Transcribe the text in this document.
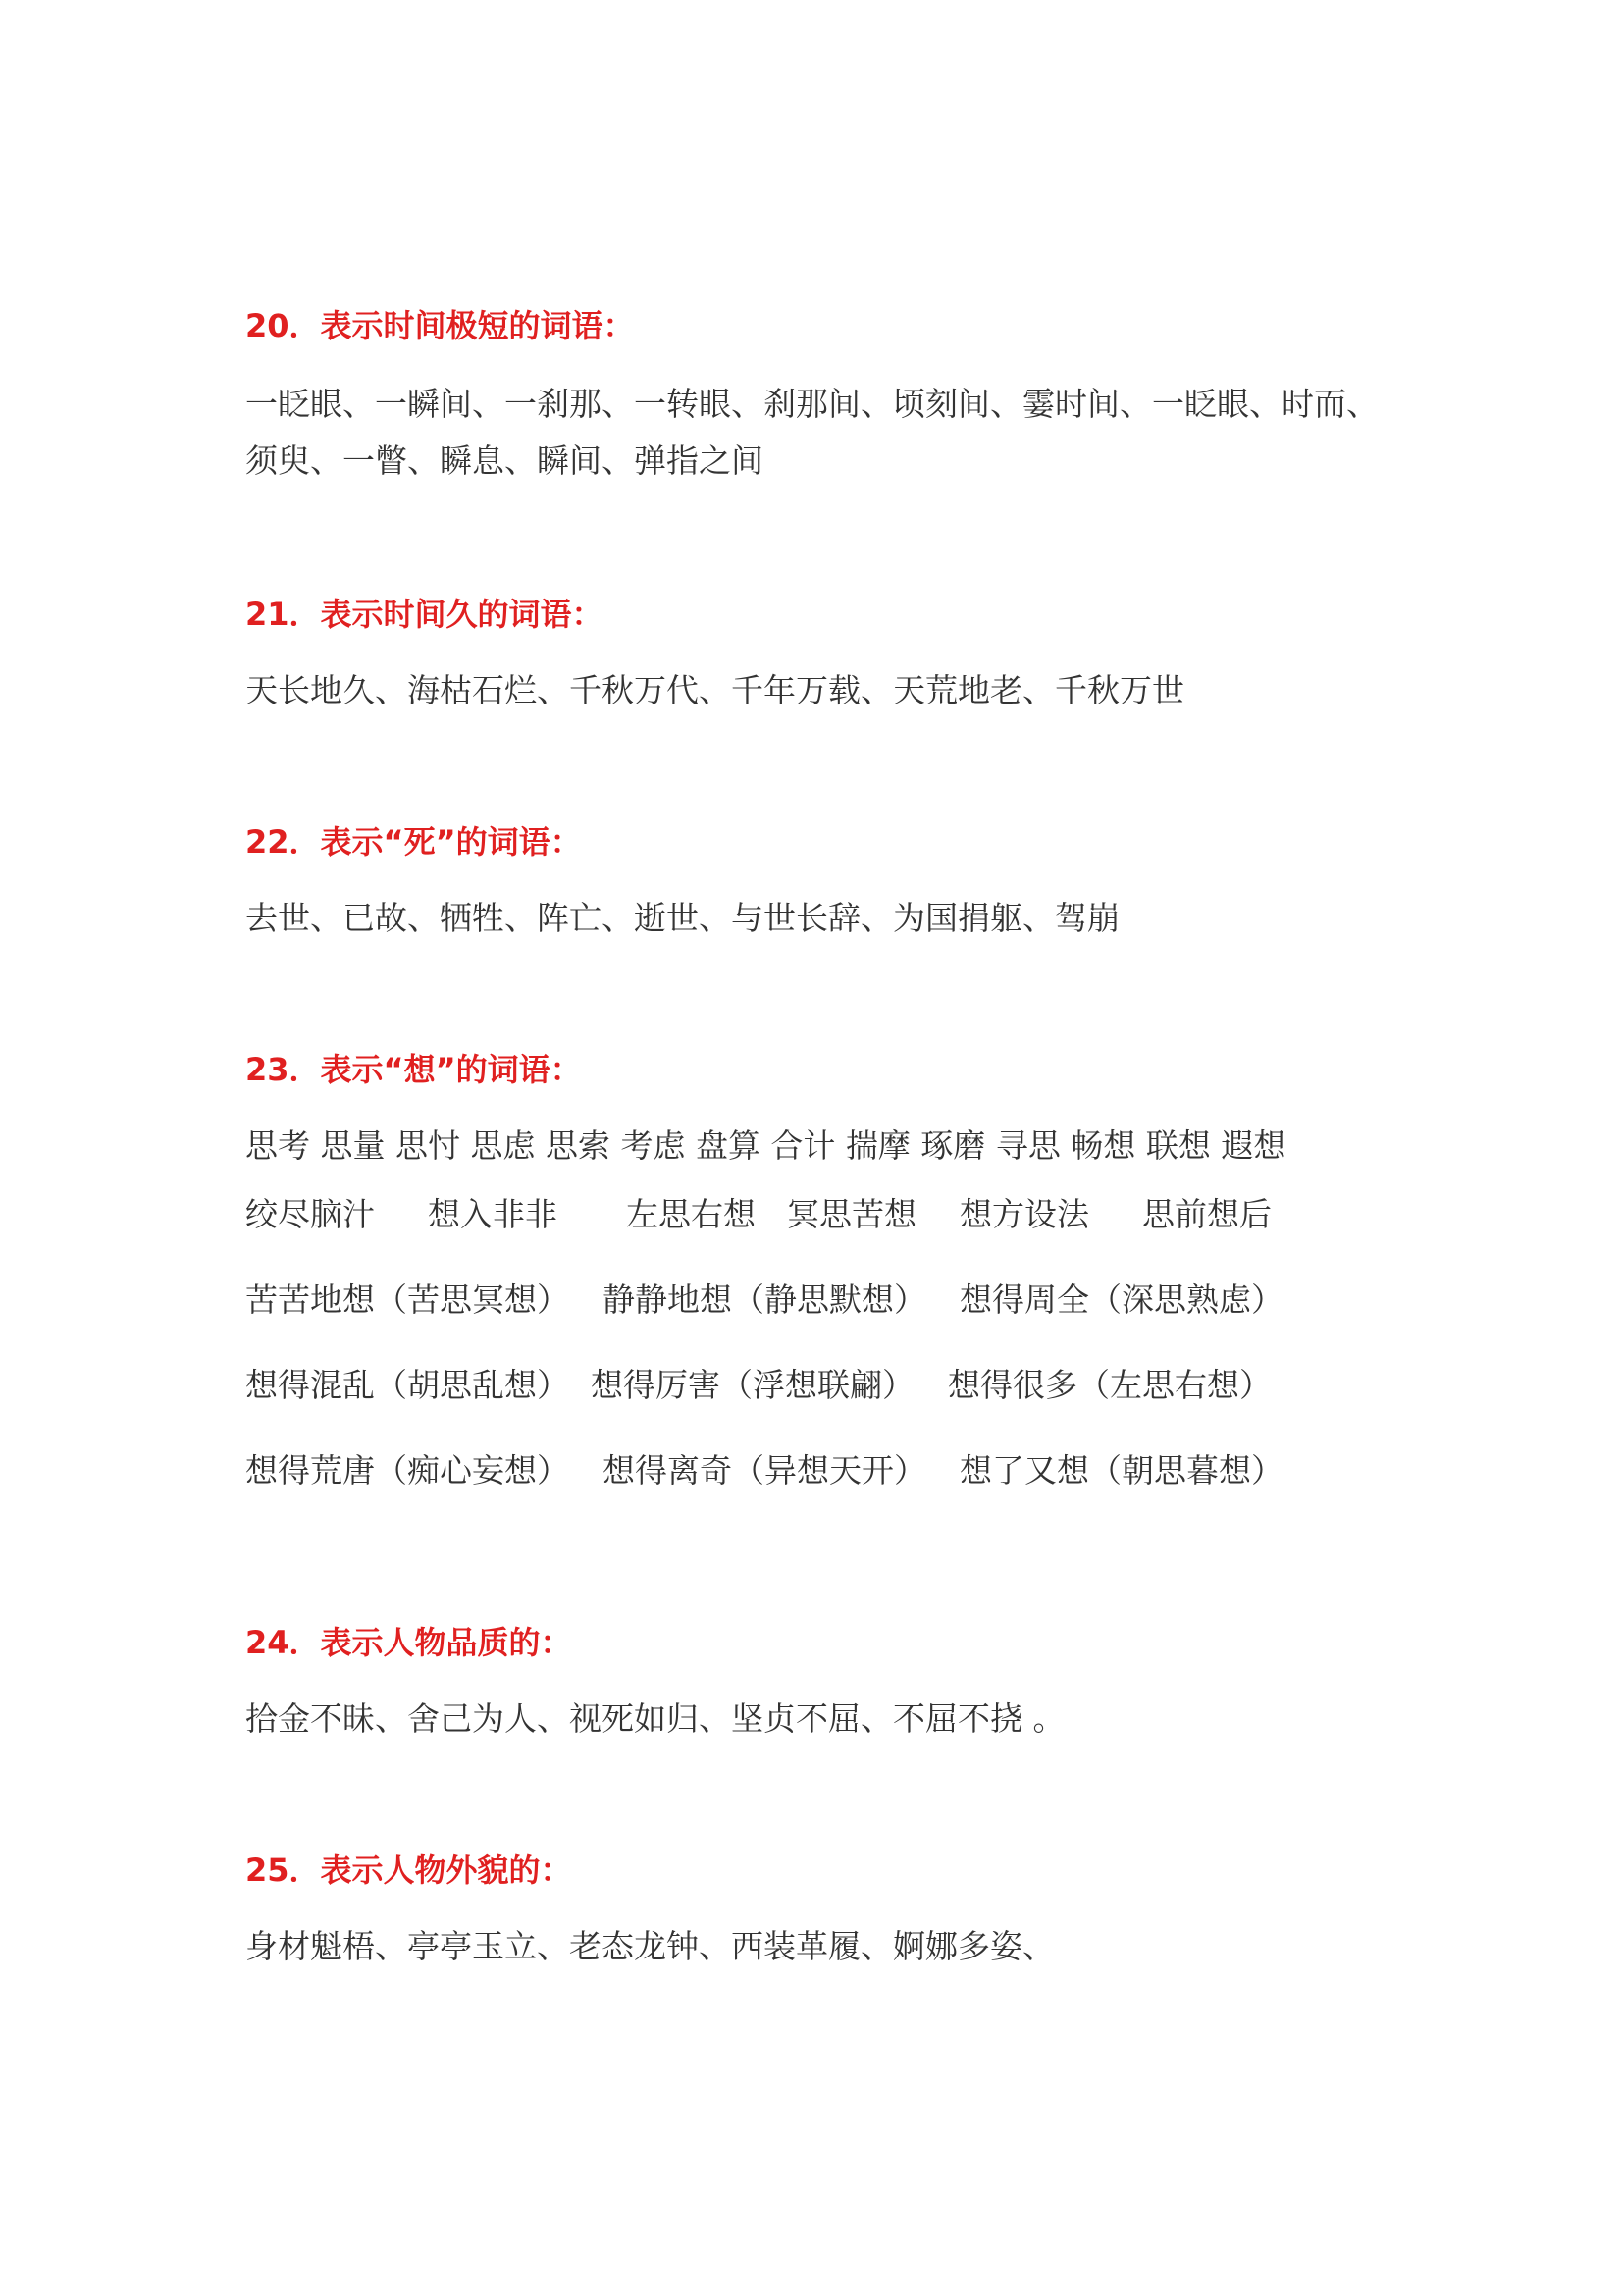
20．表示时间极短的词语：
一眨眼、一瞬间、一刹那、一转眼、刹那间、顷刻间、霎时间、一眨眼、时而、
须臾、一瞥、瞬息、瞬间、弹指之间
21．表示时间久的词语：
天长地久、海枯石烂、千秋万代、千年万载、天荒地老、千秋万世
22．表示“死”的词语：
去世、已故、牺牲、阵亡、逝世、与世长辞、为国捐躯、驾崩
23．表示“想”的词语：
思考 思量 思忖 思虑 思索 考虑 盘算 合计 揣摩 琢磨 寻思 畅想 联想 遐想
绞尽脑汁 想入非非 左思右想 冥思苦想 想方设法 思前想后
苦苦地想（苦思冥想） 静静地想（静思默想） 想得周全（深思熟虑）
想得混乱（胡思乱想） 想得厉害（浮想联翩） 想得很多（左思右想）
想得荒唐（痴心妄想） 想得离奇（异想天开） 想了又想（朝思暮想）
24．表示人物品质的：
拾金不昧、舍己为人、视死如归、坚贞不屈、不屈不挠 。
25．表示人物外貌的：
身材魁梧、亭亭玉立、老态龙钟、西装革履、婀娜多姿、
